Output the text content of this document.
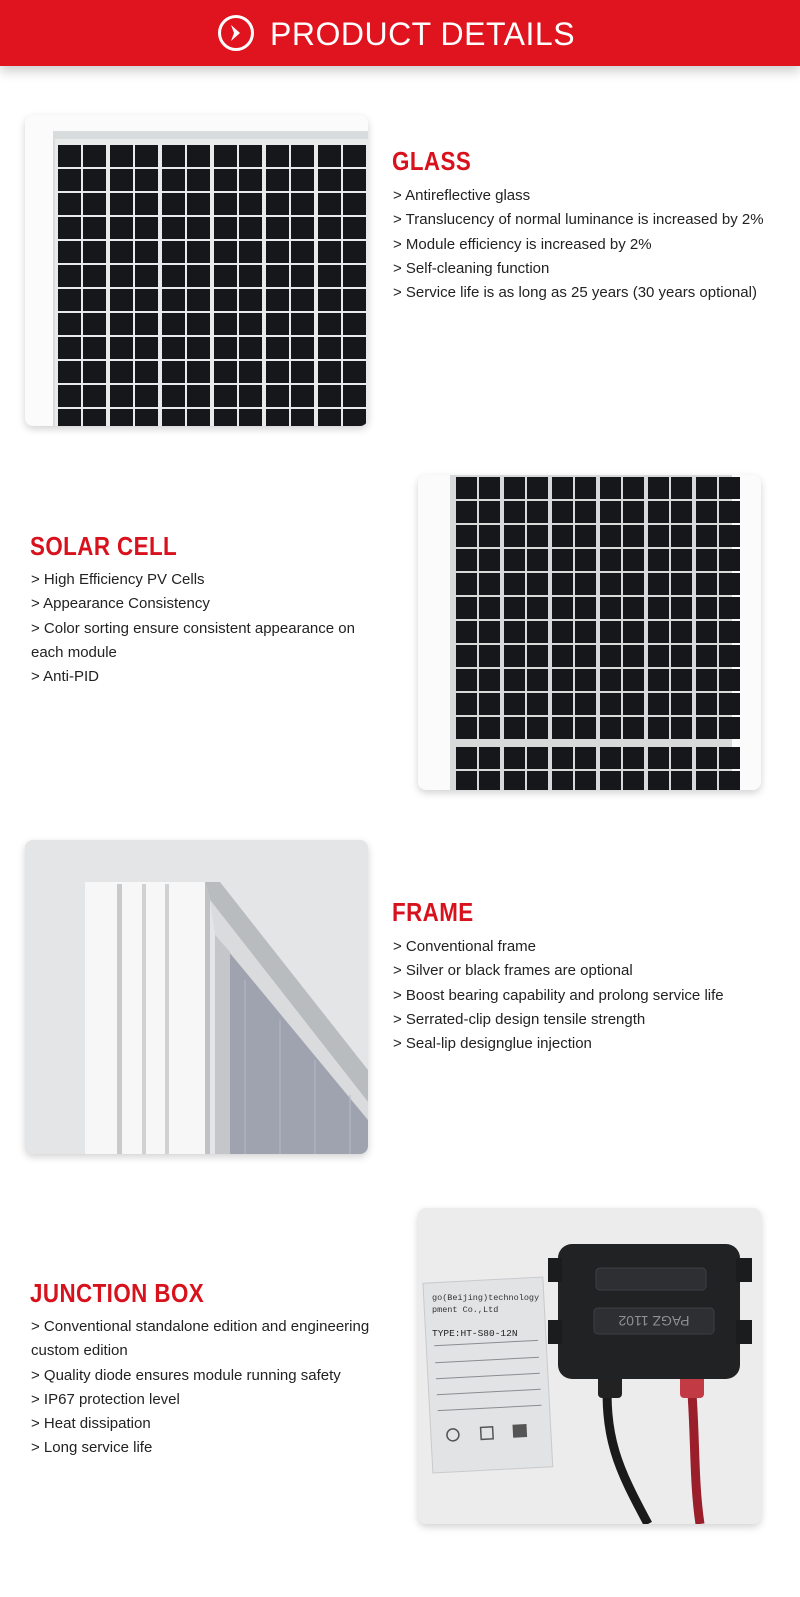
PRODUCT DETAILS
GLASS
> Antireflective glass
> Translucency of normal luminance is increased by 2%
> Module efficiency is increased by 2%
> Self-cleaning function
> Service life is as long as 25 years (30 years optional)
SOLAR CELL
> High Efficiency PV Cells
> Appearance Consistency
> Color sorting ensure consistent appearance on each module
> Anti-PID
FRAME
> Conventional frame
> Silver or black frames are optional
> Boost bearing capability and prolong service life
> Serrated-clip design tensile strength
> Seal-lip designglue injection
JUNCTION BOX
> Conventional standalone edition and engineering custom edition
> Quality diode ensures module running safety
> IP67 protection level
> Heat dissipation
> Long service life
go(Beijing)technology
pment Co.,Ltd
TYPE:HT-S80-12N
PAGZ 1102
